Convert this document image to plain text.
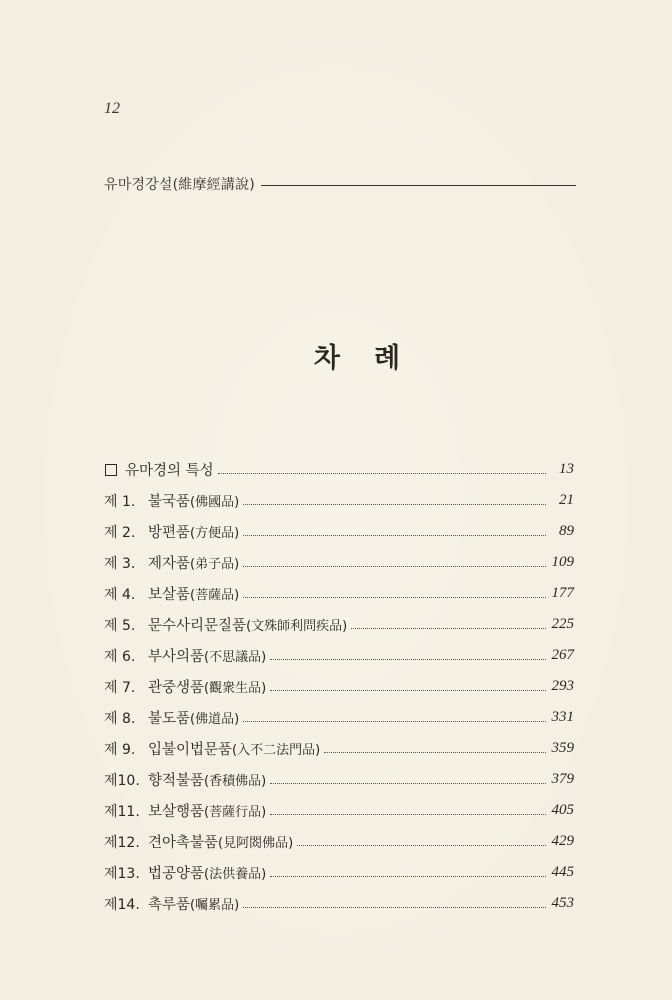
12
유마경강설(維摩經講說)
차례
유마경의 특성	13
제 1. 불국품 (佛國品)	21
제 2. 방편품 (方便品)	89
제 3. 제자품 (弟子品)	109
제 4. 보살품 (菩薩品)	177
제 5. 문수사리문질품 (文殊師利問疾品)	225
제 6. 부사의품 (不思議品)	267
제 7. 관중생품 (觀衆生品)	293
제 8. 불도품 (佛道品)	331
제 9. 입불이법문품 (入不二法門品)	359
제10. 향적불품 (香積佛品)	379
제11. 보살행품 (菩薩行品)	405
제12. 견아촉불품 (見阿閦佛品)	429
제13. 법공양품 (法供養品)	445
제14. 촉루품 (囑累品)	453
